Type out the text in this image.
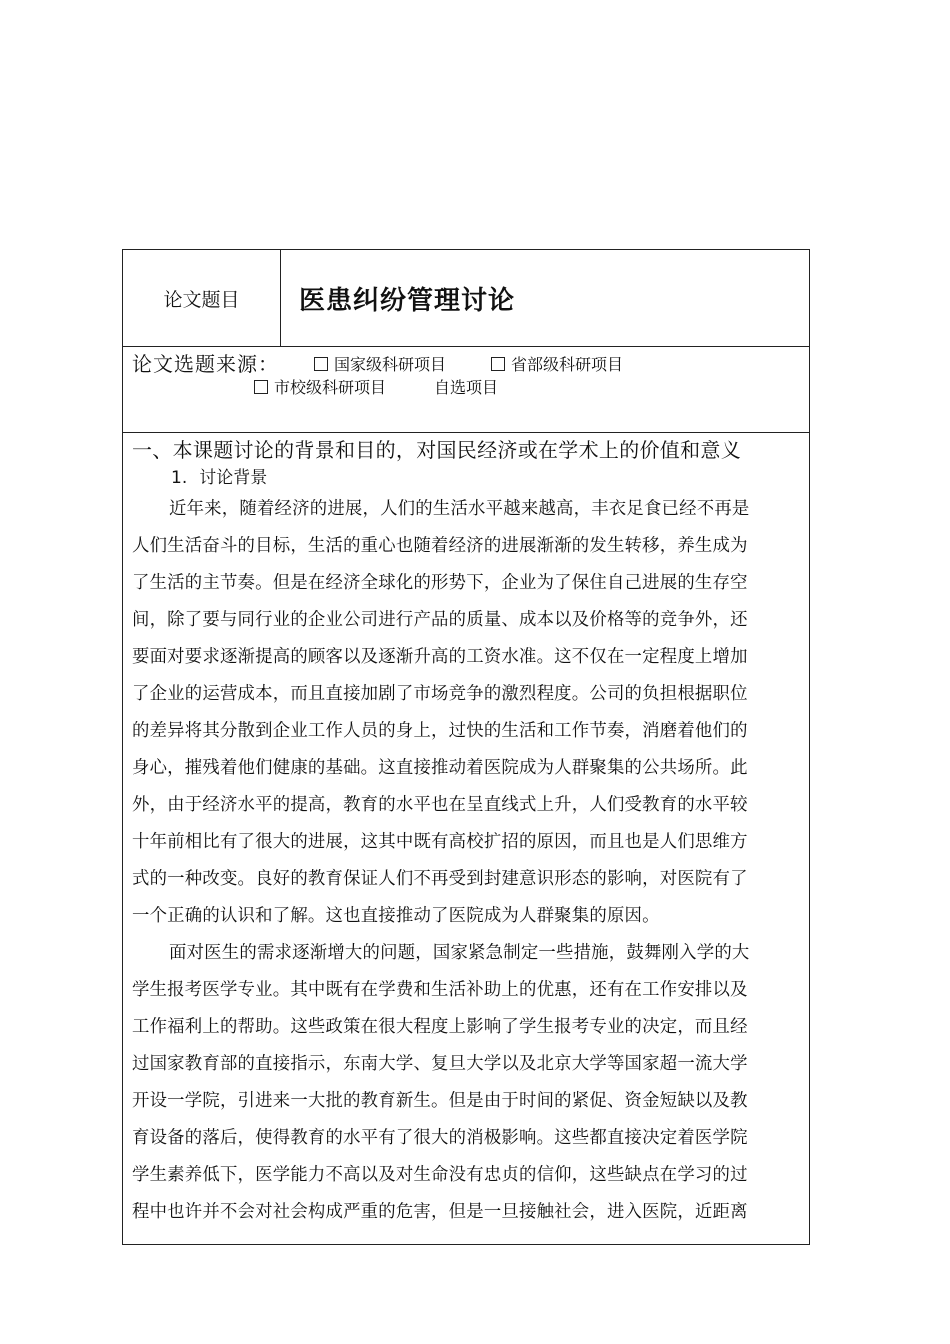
论文题目	医患纠纷管理讨论
论文选题来源：	国家级科研项目	省部级科研项目
市校级科研项目	自选项目
一、本课题讨论的背景和目的，对国民经济或在学术上的价值和意义
1. 讨论背景
近年来，随着经济的进展，人们的生活水平越来越高，丰衣足食已经不再是
人们生活奋斗的目标，生活的重心也随着经济的进展渐渐的发生转移，养生成为
了生活的主节奏。但是在经济全球化的形势下，企业为了保住自己进展的生存空
间，除了要与同行业的企业公司进行产品的质量、成本以及价格等的竞争外，还
要面对要求逐渐提高的顾客以及逐渐升高的工资水准。这不仅在一定程度上增加
了企业的运营成本，而且直接加剧了市场竞争的激烈程度。公司的负担根据职位
的差异将其分散到企业工作人员的身上，过快的生活和工作节奏，消磨着他们的
身心，摧残着他们健康的基础。这直接推动着医院成为人群聚集的公共场所。此
外，由于经济水平的提高，教育的水平也在呈直线式上升，人们受教育的水平较
十年前相比有了很大的进展，这其中既有高校扩招的原因，而且也是人们思维方
式的一种改变。良好的教育保证人们不再受到封建意识形态的影响，对医院有了
一个正确的认识和了解。这也直接推动了医院成为人群聚集的原因。
面对医生的需求逐渐增大的问题，国家紧急制定一些措施，鼓舞刚入学的大
学生报考医学专业。其中既有在学费和生活补助上的优惠，还有在工作安排以及
工作福利上的帮助。这些政策在很大程度上影响了学生报考专业的决定，而且经
过国家教育部的直接指示，东南大学、复旦大学以及北京大学等国家超一流大学
开设一学院，引进来一大批的教育新生。但是由于时间的紧促、资金短缺以及教
育设备的落后，使得教育的水平有了很大的消极影响。这些都直接决定着医学院
学生素养低下，医学能力不高以及对生命没有忠贞的信仰，这些缺点在学习的过
程中也许并不会对社会构成严重的危害，但是一旦接触社会，进入医院，近距离
